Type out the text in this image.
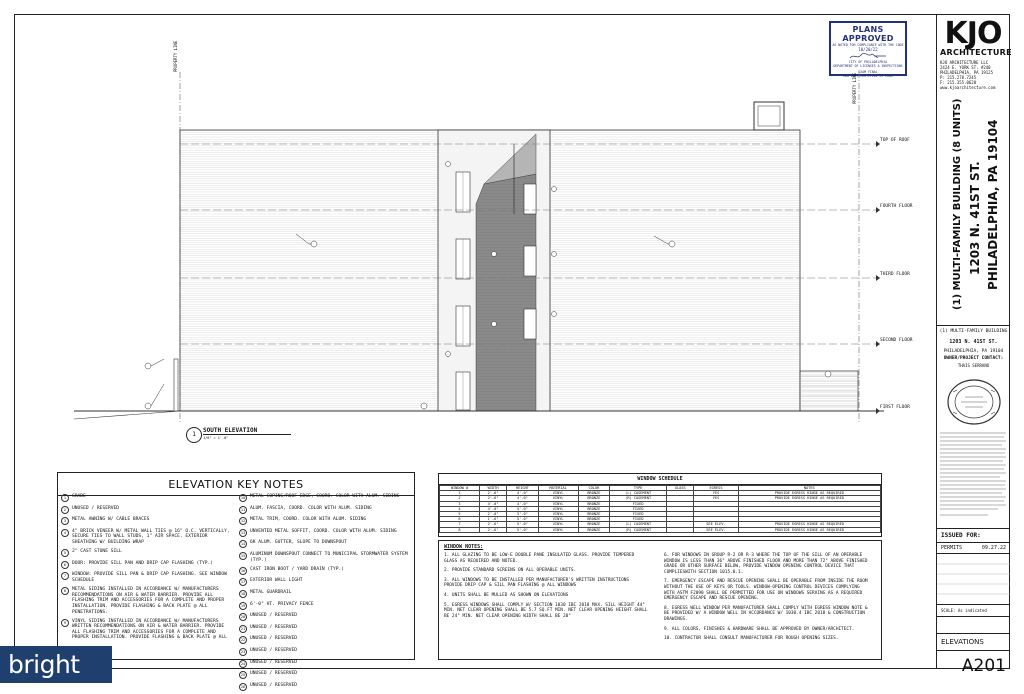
PLANS APPROVED
AS NOTED FOR COMPLIANCE WITH THE CODE
10/20/22
CITY OF PHILADELPHIA
DEPARTMENT OF LICENSES & INSPECTIONS
EXAM FINAL
IDK LAST CERTIFIED BY EXAM
KJO
ARCHITECTURE
KJO ARCHITECTURE LLC
2424 E. YORK ST. #240
PHILADELPHIA, PA 19125
P: 215.278.7245
F: 215.355.0620
www.kjoarchitecture.com
(1) MULTI-FAMILY BUILDING (8 UNITS) 1203 N. 41ST ST. PHILADELPHIA, PA 19104
(1) MULTI-FAMILY BUILDING
1203 N. 41ST ST.
PHILADELPHIA, PA 19104
OWNER/PROJECT CONTACT:
THAIS SERRANO
ISSUED FOR:
PERMITS	09.27.22
SCALE: As indicated
ELEVATIONS
A201
PROPERTY LINE
PROPERTY LINE
TOP OF ROOF
FOURTH FLOOR
THIRD FLOOR
SECOND FLOOR
FIRST FLOOR
1
SOUTH ELEVATION
1/8" = 1'-0"
ELEVATION KEY NOTES
1	GRADE
2	UNUSED / RESERVED
3	METAL AWNING W/ CABLE BRACES
4	4" BRICK VENEER W/ METAL WALL TIES @ 16" O.C. VERTICALLY, SECURE TIES TO WALL STUDS, 1" AIR SPACE. EXTERIOR SHEATHING W/ BUILDING WRAP
5	2" CAST STONE SILL
6	DOOR: PROVIDE SILL PAN AND DRIP CAP FLASHING (TYP.)
7	WINDOW: PROVIDE SILL PAN & DRIP CAP FLASHING. SEE WINDOW SCHEDULE
8	METAL SIDING INSTALLED IN ACCORDANCE W/ MANUFACTURERS RECOMMENDATIONS ON AIR & WATER BARRIER. PROVIDE ALL FLASHING TRIM AND ACCESSORIES FOR A COMPLETE AND PROPER INSTALLATION. PROVIDE FLASHING & BACK PLATE @ ALL PENETRATIONS.
9	VINYL SIDING INSTALLED IN ACCORDANCE W/ MANUFACTURERS WRITTEN RECOMMENDATIONS ON AIR & WATER BARRIER. PROVIDE ALL FLASHING TRIM AND ACCESSORIES FOR A COMPLETE AND PROPER INSTALLATION. PROVIDE FLASHING & BACK PLATE @ ALL
10	METAL COPING/ROOF EDGE, COORD. COLOR WITH ALUM. SIDING
11	ALUM. FASCIA, COORD. COLOR WITH ALUM. SIDING
12	METAL TRIM, COORD. COLOR WITH ALUM. SIDING
13	UNVENTED METAL SOFFIT, COORD. COLOR WITH ALUM. SIDING
14	6K ALUM. GUTTER, SLOPE TO DOWNSPOUT
15	ALUMINUM DOWNSPOUT CONNECT TO MUNICIPAL STORMWATER SYSTEM (TYP.)
16	CAST IRON BOOT / YARD DRAIN (TYP.)
17	EXTERIOR WALL LIGHT
18	METAL GUARDRAIL
19	6'-0" HT. PRIVACY FENCE
20	UNUSED / RESERVED
21	UNUSED / RESERVED
22	UNUSED / RESERVED
23	UNUSED / RESERVED
24	UNUSED / RESERVED
25	UNUSED / RESERVED
26	UNUSED / RESERVED
WINDOW SCHEDULE
WINDOW #	WIDTH	HEIGHT	MATERIAL	COLOR	TYPE	GLASS	EGRESS	NOTES
1	2'-6"	4'-0"	VINYL	BRONZE	(L) CASEMENT		YES	PROVIDE EGRESS HINGE AS REQUIRED
2	2'-6"	4'-0"	VINYL	BRONZE	(R) CASEMENT		YES	PROVIDE EGRESS HINGE AS REQUIRED
3	4'-0"	4'-0"	VINYL	BRONZE	FIXED			
4	4'-0"	5'-0"	VINYL	BRONZE	FIXED			
5	2'-0"	3'-0"	VINYL	BRONZE	FIXED			
6	1'-6"	5'-0"	VINYL	BRONZE	FIXED			
7	2'-6"	5'-0"	VINYL	BRONZE	(L) CASEMENT		SEE ELEV.	PROVIDE EGRESS HINGE AS REQUIRED
8	2'-6"	5'-0"	VINYL	BRONZE	(R) CASEMENT		SEE ELEV.	PROVIDE EGRESS HINGE AS REQUIRED
WINDOW NOTES:
1. ALL GLAZING TO BE LOW-E DOUBLE PANE INSULATED GLASS. PROVIDE TEMPERED GLASS AS REQUIRED AND NOTED.
2. PROVIDE STANDARD SCREENS ON ALL OPERABLE UNITS.
3. ALL WINDOWS TO BE INSTALLED PER MANUFACTURER'S WRITTEN INSTRUCTIONS PROVIDE DRIP CAP & SILL PAN FLASHING @ ALL WINDOWS
4. UNITS SHALL BE MULLED AS SHOWN ON ELEVATIONS
5. EGRESS WINDOWS SHALL COMPLY W/ SECTION 1030 IBC 2018 MAX. SILL HEIGHT 44" MIN. NET CLEAR OPENING SHALL BE 5.7 SQ.FT MIN. NET CLEAR OPENING HEIGHT SHALL BE 24" MIN. NET CLEAR OPENING WIDTH SHALL BE 20"
6. FOR WINDOWS IN GROUP R-2 OR R-3 WHERE THE TOP OF THE SILL OF AN OPERABLE WINDOW IS LESS THAN 36" ABOVE FINISHED FLOOR AND MORE THAN 72" ABOVE FINISHED GRADE OR OTHER SURFACE BELOW, PROVIDE WINDOW OPENING CONTROL DEVICE THAT COMPLIESWITH SECTION 1015.8.1.
7. EMERGENCY ESCAPE AND RESCUE OPENING SHALL BE OPERABLE FROM INSIDE THE ROOM WITHOUT THE USE OF KEYS OR TOOLS. WINDOW-OPENING CONTROL DEVICES COMPLYING WITH ASTM F2090 SHALL BE PERMITTED FOR USE ON WINDOWS SERVING AS A REQUIRED EMERGENCY ESCAPE AND RESCUE OPENING.
8. EGRESS WELL WINDOW PER MANUFACTURER SHALL COMPLY WITH EGRESS WINDOW NOTE & BE PROVIDED W/ A WINDOW WELL IN ACCORDANCE W/ 1030.4 IBC 2018 & CONSTRUCTION DRAWINGS.
9. ALL COLORS, FINISHES & HARDWARE SHALL BE APPROVED BY OWNER/ARCHITECT.
10. CONTRACTOR SHALL CONSULT MANUFACTURER FOR ROUGH OPENING SIZES.
bright
